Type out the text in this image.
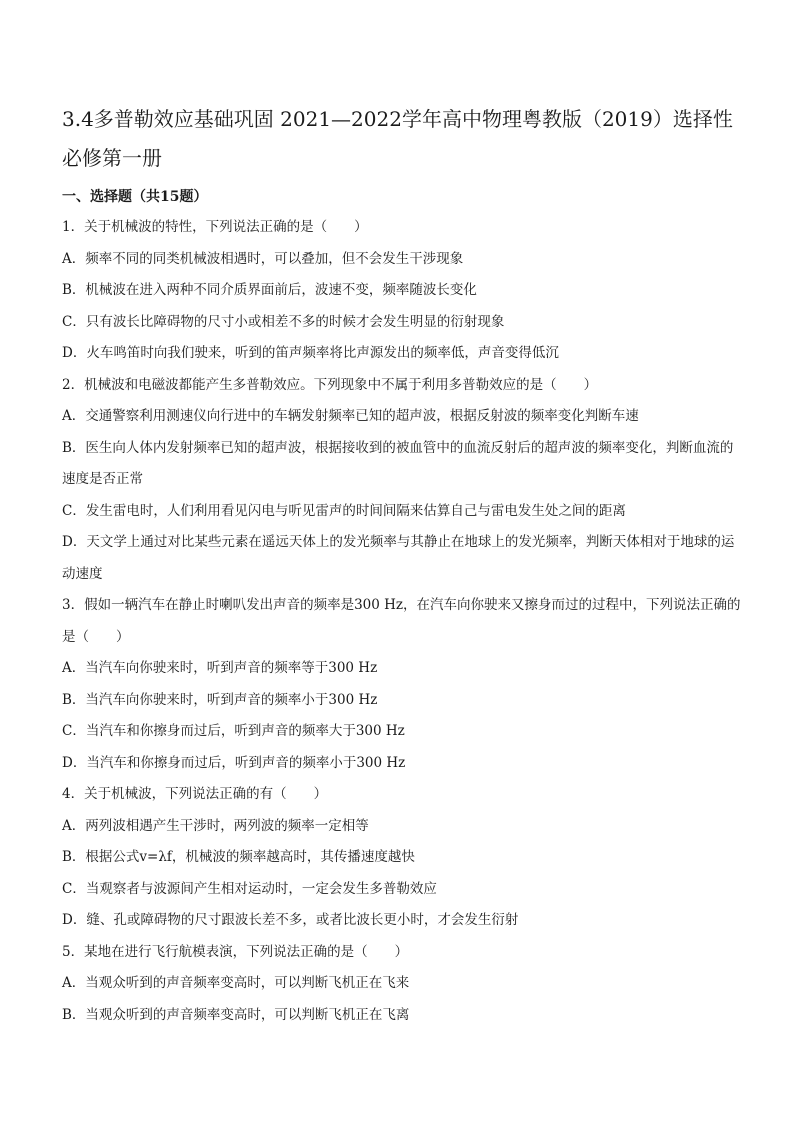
3.4多普勒效应基础巩固 2021—2022学年高中物理粤教版（2019）选择性必修第一册

一、选择题（共15题）

1．关于机械波的特性，下列说法正确的是（　　）

A．频率不同的同类机械波相遇时，可以叠加，但不会发生干涉现象

B．机械波在进入两种不同介质界面前后，波速不变，频率随波长变化

C．只有波长比障碍物的尺寸小或相差不多的时候才会发生明显的衍射现象

D．火车鸣笛时向我们驶来，听到的笛声频率将比声源发出的频率低，声音变得低沉

2．机械波和电磁波都能产生多普勒效应。下列现象中不属于利用多普勒效应的是（　　）

A．交通警察利用测速仪向行进中的车辆发射频率已知的超声波，根据反射波的频率变化判断车速

B．医生向人体内发射频率已知的超声波，根据接收到的被血管中的血流反射后的超声波的频率变化，判断血流的速度是否正常

C．发生雷电时，人们利用看见闪电与听见雷声的时间间隔来估算自己与雷电发生处之间的距离

D．天文学上通过对比某些元素在遥远天体上的发光频率与其静止在地球上的发光频率，判断天体相对于地球的运动速度

3．假如一辆汽车在静止时喇叭发出声音的频率是300 Hz，在汽车向你驶来又擦身而过的过程中，下列说法正确的是（　　）

A．当汽车向你驶来时，听到声音的频率等于300 Hz

B．当汽车向你驶来时，听到声音的频率小于300 Hz

C．当汽车和你擦身而过后，听到声音的频率大于300 Hz

D．当汽车和你擦身而过后，听到声音的频率小于300 Hz

4．关于机械波，下列说法正确的有（　　）

A．两列波相遇产生干涉时，两列波的频率一定相等

B．根据公式v=λf，机械波的频率越高时，其传播速度越快

C．当观察者与波源间产生相对运动时，一定会发生多普勒效应

D．缝、孔或障碍物的尺寸跟波长差不多，或者比波长更小时，才会发生衍射

5．某地在进行飞行航模表演，下列说法正确的是（　　）

A．当观众听到的声音频率变高时，可以判断飞机正在飞来

B．当观众听到的声音频率变高时，可以判断飞机正在飞离
